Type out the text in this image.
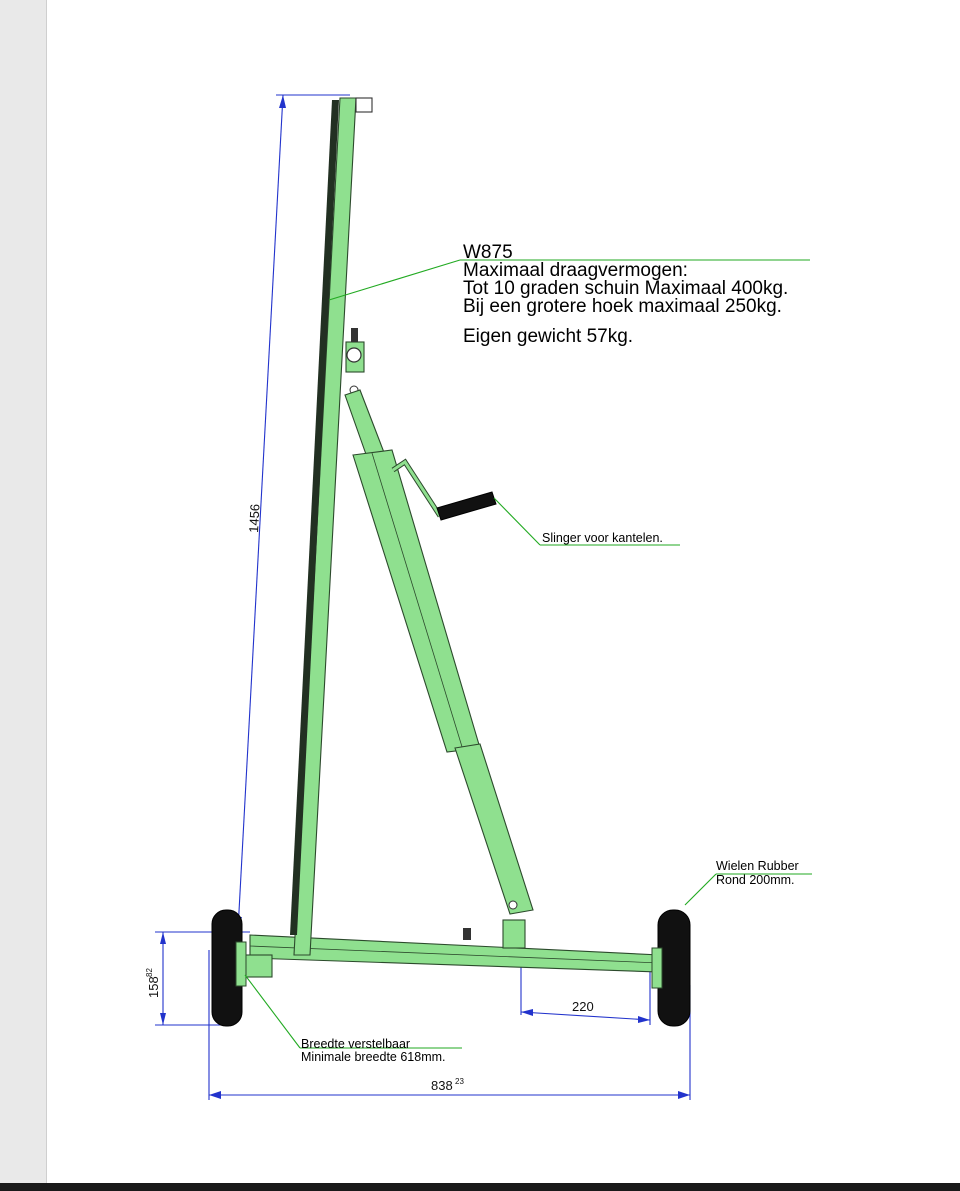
W875
Maximaal draagvermogen:
Tot 10 graden schuin Maximaal 400kg.
Bij een grotere hoek maximaal 250kg.
Eigen gewicht 57kg.
Slinger voor kantelen.
Wielen Rubber
Rond 200mm.
Breedte verstelbaar
Minimale breedte 618mm.
1456
158
82
220
838 23
